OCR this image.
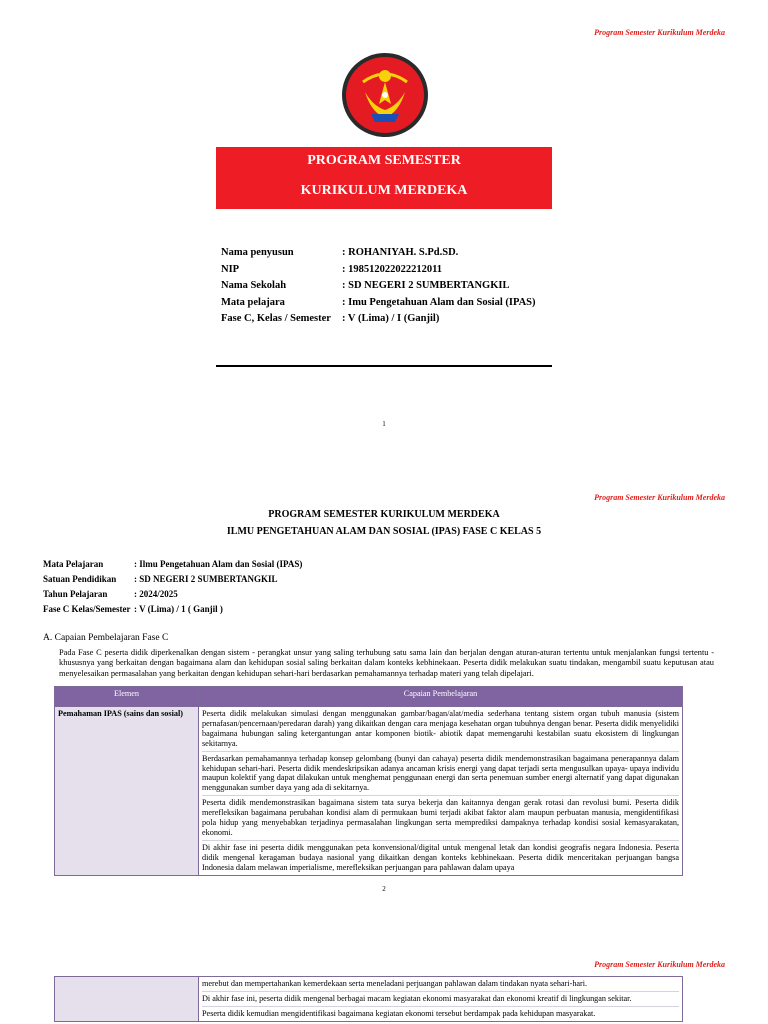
Program Semester Kurikulum Merdeka
PROGRAM SEMESTER
KURIKULUM MERDEKA
Nama penyusun	: ROHANIYAH. S.Pd.SD.
NIP	: 198512022022212011
Nama Sekolah	: SD NEGERI 2 SUMBERTANGKIL
Mata pelajara	: Imu Pengetahuan Alam dan Sosial (IPAS)
Fase C, Kelas / Semester : V (Lima) / I (Ganjil)
1
Program Semester Kurikulum Merdeka
PROGRAM SEMESTER KURIKULUM MERDEKA
ILMU PENGETAHUAN ALAM DAN SOSIAL (IPAS) FASE C KELAS 5
Mata Pelajaran	: Ilmu Pengetahuan Alam dan Sosial (IPAS)
Satuan Pendidikan : SD NEGERI 2 SUMBERTANGKIL
Tahun Pelajaran	: 2024/2025
Fase C Kelas/Semester : V (Lima) / 1 ( Ganjil )
A. Capaian Pembelajaran Fase C
Pada Fase C peserta didik diperkenalkan dengan sistem - perangkat unsur yang saling terhubung satu sama lain dan berjalan dengan aturan-aturan tertentu untuk menjalankan fungsi tertentu - khususnya yang berkaitan dengan bagaimana alam dan kehidupan sosial saling berkaitan dalam konteks kebhinekaan. Peserta didik melakukan suatu tindakan, mengambil suatu keputusan atau menyelesaikan permasalahan yang berkaitan dengan kehidupan sehari-hari berdasarkan pemahamannya terhadap materi yang telah dipelajari.
Elemen	Capaian Pembelajaran
Pemahaman IPAS (sains dan sosial)	Peserta didik melakukan simulasi dengan menggunakan gambar/bagan/alat/media sederhana tentang sistem organ tubuh manusia (sistem pernafasan/pencernaan/peredaran darah) yang dikaitkan dengan cara menjaga kesehatan organ tubuhnya dengan benar. Peserta didik menyelidiki bagaimana hubungan saling ketergantungan antar komponen biotik- abiotik dapat memengaruhi kestabilan suatu ekosistem di lingkungan sekitarnya.

Berdasarkan pemahamannya terhadap konsep gelombang (bunyi dan cahaya) peserta didik mendemonstrasikan bagaimana penerapannya dalam kehidupan sehari-hari. Peserta didik mendeskripsikan adanya ancaman krisis energi yang dapat terjadi serta mengusulkan upaya- upaya individu maupun kolektif yang dapat dilakukan untuk menghemat penggunaan energi dan serta penemuan sumber energi alternatif yang dapat digunakan menggunakan sumber daya yang ada di sekitarnya.

Peserta didik mendemonstrasikan bagaimana sistem tata surya bekerja dan kaitannya dengan gerak rotasi dan revolusi bumi. Peserta didik merefleksikan bagaimana perubahan kondisi alam di permukaan bumi terjadi akibat faktor alam maupun perbuatan manusia, mengidentifikasi pola hidup yang menyebabkan terjadinya permasalahan lingkungan serta memprediksi dampaknya terhadap kondisi sosial kemasyarakatan, ekonomi.

Di akhir fase ini peserta didik menggunakan peta konvensional/digital untuk mengenal letak dan kondisi geografis negara Indonesia. Peserta didik mengenal keragaman budaya nasional yang dikaitkan dengan konteks kebhinekaan. Peserta didik menceritakan perjuangan bangsa Indonesia dalam melawan imperialisme, merefleksikan perjuangan para pahlawan dalam upaya

2
Program Semester Kurikulum Merdeka

merebut dan mempertahankan kemerdekaan serta meneladani perjuangan pahlawan dalam tindakan nyata sehari-hari.

Di akhir fase ini, peserta didik mengenal berbagai macam kegiatan ekonomi masyarakat dan ekonomi kreatif di lingkungan sekitar.

Peserta didik kemudian mengidentifikasi bagaimana kegiatan ekonomi tersebut berdampak pada kehidupan masyarakat.
